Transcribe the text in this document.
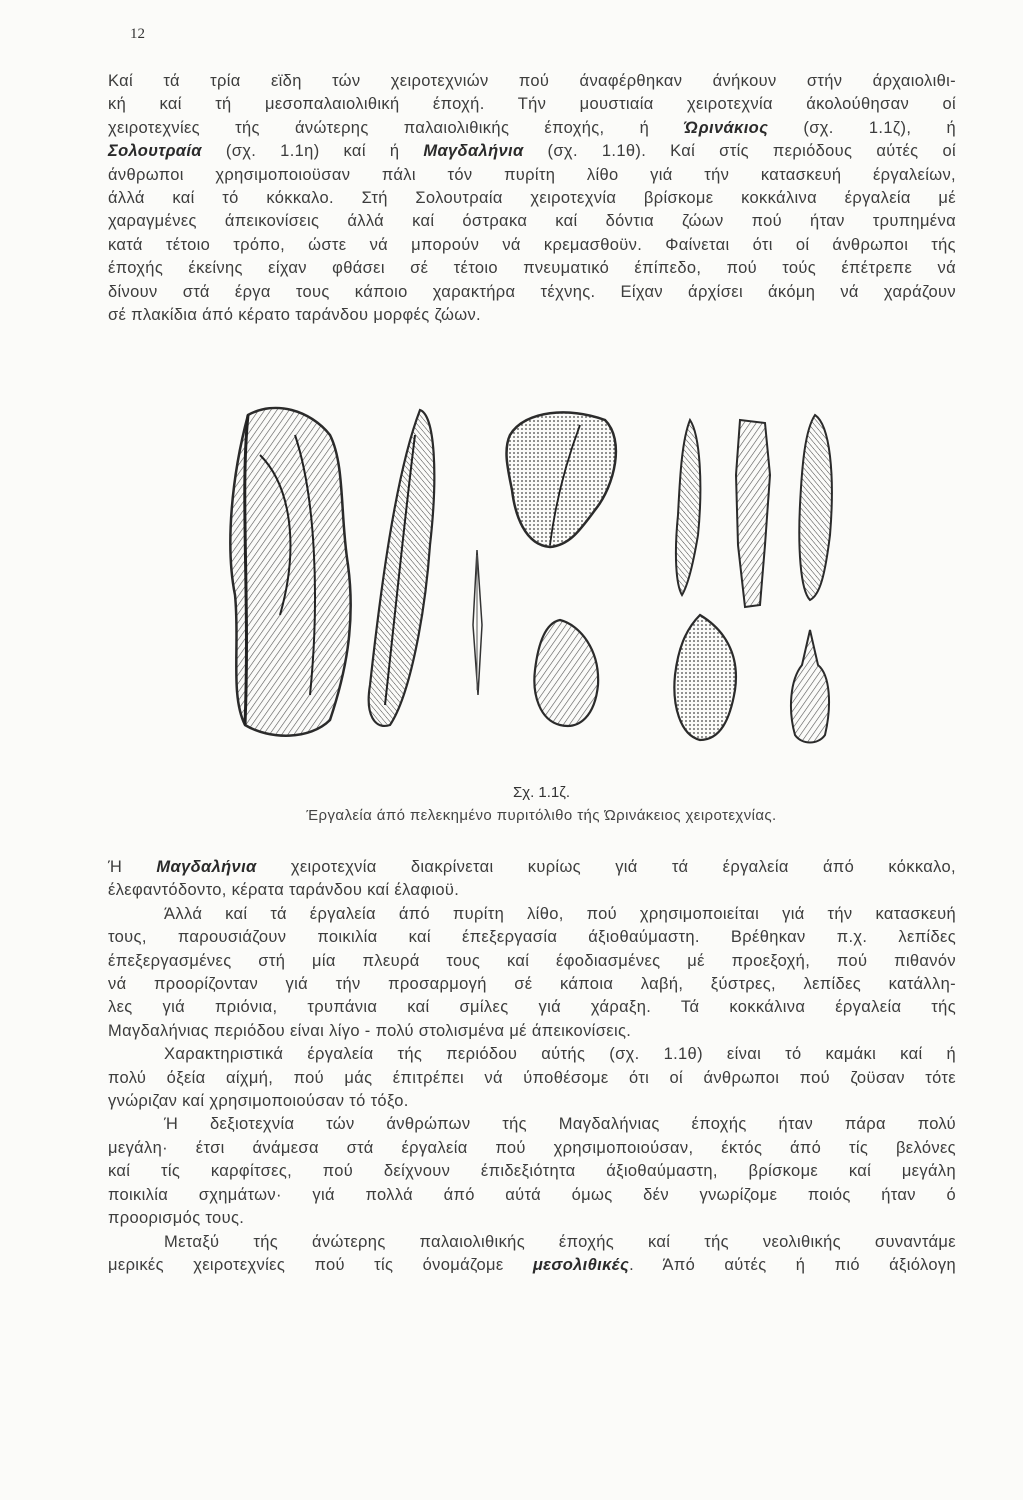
12
Καί τά τρία εϊδη τών χειροτεχνιών πού άναφέρθηκαν άνήκουν στήν άρχαιολιθι-
κή καί τή μεσοπαλαιολιθική έποχή. Τήν μουστιαία χειροτεχνία άκολούθησαν οί
χειροτεχνίες τής άνώτερης παλαιολιθικής έποχής, ή Ώρινάκιος (σχ. 1.1ζ), ή
Σολουτραία (σχ. 1.1η) καί ή Μαγδαλήνια (σχ. 1.1θ). Καί στίς περιόδους αύτές οί
άνθρωποι χρησιμοποιοϋσαν πάλι τόν πυρίτη λίθο γιά τήν κατασκευή έργαλείων,
άλλά καί τό κόκκαλο. Στή Σολουτραία χειροτεχνία βρίσκομε κοκκάλινα έργαλεία μέ
χαραγμένες άπεικονίσεις άλλά καί όστρακα καί δόντια ζώων πού ήταν τρυπημένα
κατά τέτοιο τρόπο, ώστε νά μπορούν νά κρεμασθοϋν. Φαίνεται ότι οί άνθρωποι τής
έποχής έκείνης είχαν φθάσει σέ τέτοιο πνευματικό έπίπεδο, πού τούς έπέτρεπε νά
δίνουν στά έργα τους κάποιο χαρακτήρα τέχνης. Είχαν άρχίσει άκόμη νά χαράζουν
σέ πλακίδια άπό κέρατο ταράνδου μορφές ζώων.
Σχ. 1.1ζ.
Έργαλεία άπό πελεκημένο πυριτόλιθο τής Ώρινάκειος χειροτεχνίας.
Ή Μαγδαλήνια χειροτεχνία διακρίνεται κυρίως γιά τά έργαλεία άπό κόκκαλο,
έλεφαντόδοντο, κέρατα ταράνδου καί έλαφιοϋ.
Άλλά καί τά έργαλεία άπό πυρίτη λίθο, πού χρησιμοποιείται γιά τήν κατασκευή
τους, παρουσιάζουν ποικιλία καί έπεξεργασία άξιοθαύμαστη. Βρέθηκαν π.χ. λεπίδες
έπεξεργασμένες στή μία πλευρά τους καί έφοδιασμένες μέ προεξοχή, πού πιθανόν
νά προορίζονταν γιά τήν προσαρμογή σέ κάποια λαβή, ξύστρες, λεπίδες κατάλλη-
λες γιά πριόνια, τρυπάνια καί σμίλες γιά χάραξη. Τά κοκκάλινα έργαλεία τής
Μαγδαλήνιας περιόδου είναι λίγο - πολύ στολισμένα μέ άπεικονίσεις.
Χαρακτηριστικά έργαλεία τής περιόδου αύτής (σχ. 1.1θ) είναι τό καμάκι καί ή
πολύ όξεία αίχμή, πού μάς έπιτρέπει νά ύποθέσομε ότι οί άνθρωποι πού ζοϋσαν τότε
γνώριζαν καί χρησιμοποιούσαν τό τόξο.
Ή δεξιοτεχνία τών άνθρώπων τής Μαγδαλήνιας έποχής ήταν πάρα πολύ
μεγάλη· έτσι άνάμεσα στά έργαλεία πού χρησιμοποιούσαν, έκτός άπό τίς βελόνες
καί τίς καρφίτσες, πού δείχνουν έπιδεξιότητα άξιοθαύμαστη, βρίσκομε καί μεγάλη
ποικιλία σχημάτων· γιά πολλά άπό αύτά όμως δέν γνωρίζομε ποιός ήταν ό
προορισμός τους.
Μεταξύ τής άνώτερης παλαιολιθικής έποχής καί τής νεολιθικής συναντάμε
μερικές χειροτεχνίες πού τίς όνομάζομε μεσολιθικές. Άπό αύτές ή πιό άξιόλογη
